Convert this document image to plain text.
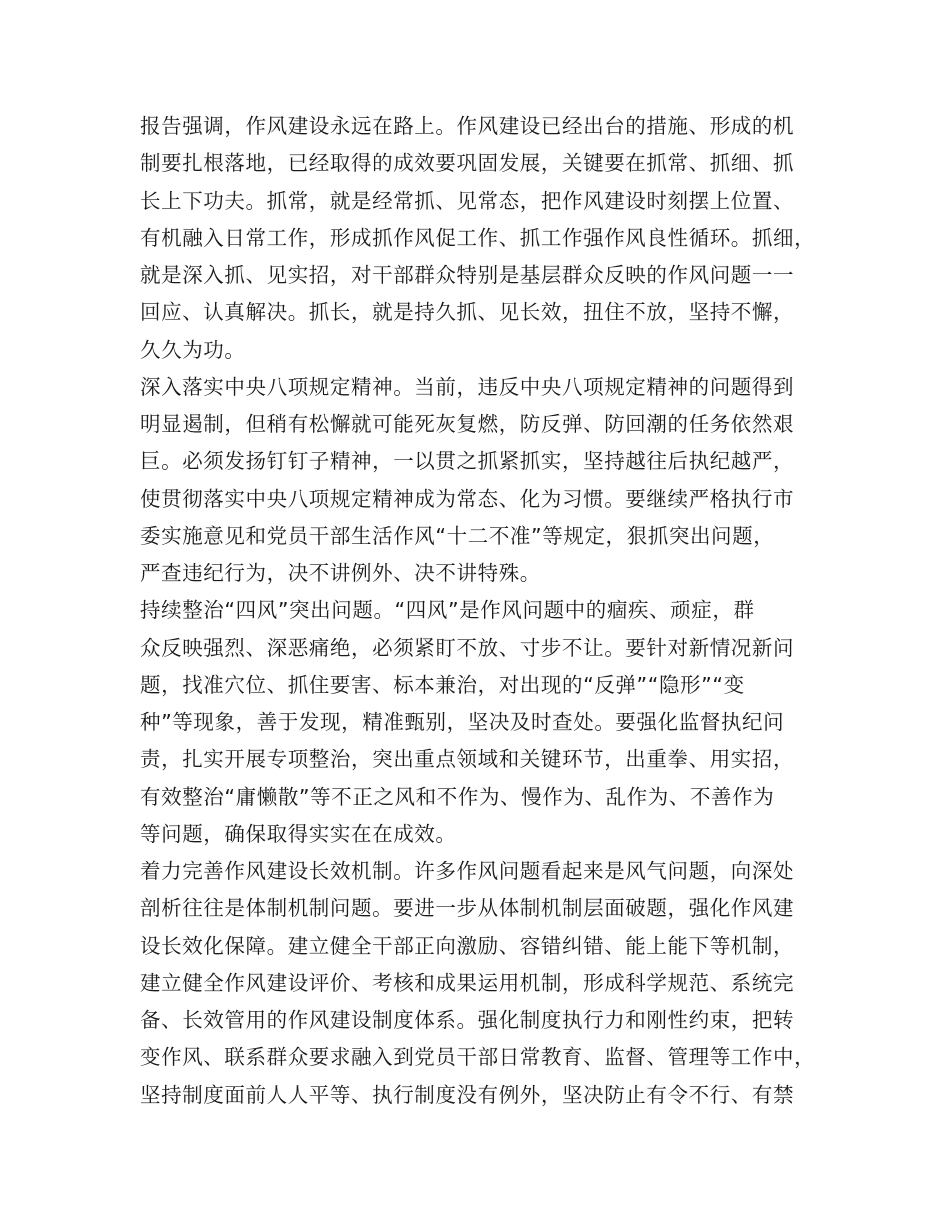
报告强调，作风建设永远在路上。作风建设已经出台的措施、形成的机
制要扎根落地，已经取得的成效要巩固发展，关键要在抓常、抓细、抓
长上下功夫。抓常，就是经常抓、见常态，把作风建设时刻摆上位置、
有机融入日常工作，形成抓作风促工作、抓工作强作风良性循环。抓细，
就是深入抓、见实招，对干部群众特别是基层群众反映的作风问题一一
回应、认真解决。抓长，就是持久抓、见长效，扭住不放，坚持不懈，
久久为功。
深入落实中央八项规定精神。当前，违反中央八项规定精神的问题得到
明显遏制，但稍有松懈就可能死灰复燃，防反弹、防回潮的任务依然艰
巨。必须发扬钉钉子精神，一以贯之抓紧抓实，坚持越往后执纪越严，
使贯彻落实中央八项规定精神成为常态、化为习惯。要继续严格执行市
委实施意见和党员干部生活作风“十二不准”等规定，狠抓突出问题，
严查违纪行为，决不讲例外、决不讲特殊。
持续整治“四风”突出问题。“四风”是作风问题中的痼疾、顽症，群
众反映强烈、深恶痛绝，必须紧盯不放、寸步不让。要针对新情况新问
题，找准穴位、抓住要害、标本兼治，对出现的“反弹”“隐形”“变
种”等现象，善于发现，精准甄别，坚决及时查处。要强化监督执纪问
责，扎实开展专项整治，突出重点领域和关键环节，出重拳、用实招，
有效整治“庸懒散”等不正之风和不作为、慢作为、乱作为、不善作为
等问题，确保取得实实在在成效。
着力完善作风建设长效机制。许多作风问题看起来是风气问题，向深处
剖析往往是体制机制问题。要进一步从体制机制层面破题，强化作风建
设长效化保障。建立健全干部正向激励、容错纠错、能上能下等机制，
建立健全作风建设评价、考核和成果运用机制，形成科学规范、系统完
备、长效管用的作风建设制度体系。强化制度执行力和刚性约束，把转
变作风、联系群众要求融入到党员干部日常教育、监督、管理等工作中，
坚持制度面前人人平等、执行制度没有例外，坚决防止有令不行、有禁
